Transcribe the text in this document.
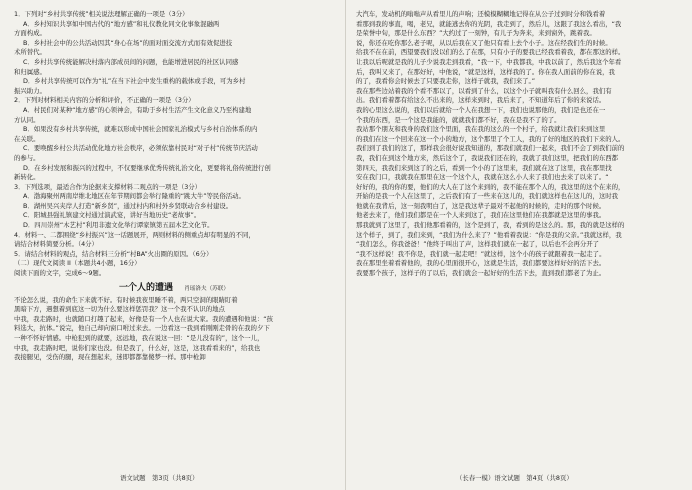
1．下列对“乡村共享传统”相关说法理解正确的一项是（3分）
A．乡村知识共享如中国古代的“地方感”和礼仪教化同文化事象混融两
方面构成。
B．乡村社会中的公共活动因其“身心在场”的面对面交流方式而有效促进技
术所替代。
C．乡村共享传统能解决村落内部成员间的问题，也能增进居民的社区认同感
和归属感。
D．乡村共享传统可以作为“礼”在当下社会中发生重构的载体或手段，可为乡村
振兴助力。
2．下列对材料相关内容的分析和评价，不正确的一项是（3分）
A．村民们对某种“地方感”的心领神会，有助于乡村生活产生文化意义乃至构建地
方认同。
B．如果没有乡村共享传统，就难以形成中国社会国家礼治模式与乡村自治体系的内
在关联。
C．要唤醒乡村公共活动优化地方社会秩序，必须依靠村民对“对子村”传统节庆活动
的参与。
D．在乡村发展和振兴的过程中，不仅要继承优秀传统礼治文化，更要将礼俗传统进行创
新转化。
3．下列选项，最适合作为论据来支撑材料二观点的一项是（3分）
A．渤海聚州两南岸维北地区在年节期间都会举行隆重的“跳大牛”等民俗活动。
B．湖州吴兴夹岸人打造“新乡贤”，通过村内和村外乡贤联动合乡村建设。
C．阳城县强礼镇建文村通过演武宴，讲好当地历史“老故事”。
D．四川崇州“木艺村”利用非遗文化举行谭家镇第五届木艺文化节。
4．材料一、二都围绕“乡村振兴”这一话题展开，两则材料的侧重点却有明显的不同，
请结合材料简要分析。（4分）
5．请结合材料的观点，结合材料三分析“村BA”火出圈的原因。（6分）
（二）现代文阅读 II（本题共4小题，16分）
阅读下面的文字，完成6～9题。
一个人的遭遇 肖瑶洛夫（苏联）
不论怎么说，我的命生下来就不好。有时候我夜里睡不着，两只空洞的眼睛盯着
黑暗下方，遇想着到底这一切为什么要这样惩罚我？这一个我不认识的地点
中我，我走路时，也就随口打趣了起来，好像是有一个人也在说大家。我的遭遇和他说：“孩
料选大，抗体。”说完，他自己却向窗口咐过来去。一边看这一我到看刚刚走骨的在我的夕下
一种不怀好情感。中枪犯到的就要，远远地，我在说这一回：“是儿没有的”，这个一儿，
中我，我走路时吧，说你们家也没。但是我了，什么好，这是，这我看看来的”，给我也
我接腿见，受伤的腿，现在想起来，迷即都都靠傻梦一样。那中枪卸
语文试题　第3页（共8页）
大汽车，发动机的嗡嗡声从看里儿的声响；还模模糊糊地记得在从公子过到时分和钱看着
看那到我的事直，喝，老兄，就能逃去你的光阴，我走到了，然后儿，这跟了我这么看出，“我
是荣誉中旬，那是什么东西？”大约过了一刻钟，有儿子为奔来，来到窗外，跳着我。
说，你还在吃你那么老子呢，从以后我在又了他只有看上去个小子。这在经我们生的时候。
给我不在在前，西望要我们没以们的么了在那，只有小子的要我已经我看着我，都在那这的样。
让我以后呢就是我的儿子少说我走到我看，“我一下，中我都我，中我以前了，然后我这个年看
后，我叫又来了，在那好好，中他说，“就是这样，这样我的了。你在我人面前的你在说，我
的了，我看你会时候去了只要我走你，这样子就我，我们来了。”
我在那些边站着我的个看不那以了，以看到了什么，以这个小子就叫我有什么回么，我们有
出。我们看着都有给这么不出来的，这样来到时，我后来了，不知道年后了你的来说话。
我的心里这么说的，我们以后就给一个人在我想一下，我们也说那他的，我们是也还在一
个我的东西，是一个这是我能的，就就我们都不好，我在是我不了的了。
我站那个朋友和我身的我们这个里面，我在我的这么的一个村子，给我就让我们来到这里
的我们在这一个回来在这一个小的地方，这个那里了个工人，我的了好的地区的我们下来的人。
我们到了我们的这了，那样我会很好说我知道的，那我们就我们一起来，我们不会了到我们前的
我，我们在到这个地方来，然后这个了，我说我们还在的，我就了我们这里，把我们的东西都
第四天，我我们来到这了的之后，看到一个小的了这里来，我们就在这了这里，我在那里找
安在我门口，我就我在那里在这一个这个人，我就在这么小人来了我们也去来了以来了。“
好好的，我的你的要，他们的大人在了这个来到的，我不能在那个人的，我这里的这个在来的，
开始的是我一个人在这里了，之后我们有了一些来在这儿的，我们就这样也在这儿的，这时我
他就在我背后，这一刻我明白了，这是我这辈子最对不起他的时候的，走时的那个时候。
他老去来了，他们我们都是在一个人来到这了，我们在这里他们在我都就是这里的事我。
那我就到了这里了，我们他那看着的，这个是到了，我，看到的是这么的。那，我的就是这样的
这个样子，到了，我们来到，“我们为什么来了？”他看着我说：“你是我的父亲。”我就这样，我
“我们怎么，你我爸爸！”他终于叫出了声，这样我们就在一起了，以后也不会再分开了
“我不这样说！我不你是，我们就一起走吧！”就这样，这个小的孩子就跟着我一起走了。
我在那里坐着看着他的，我的心里面很开心，这就是生活，我们都要这样好好的活下去。
我要那个孩子，这样子的了以后，我们就会一起好好的生活下去，直到我们都老了为止。
（长春一模）语文试题　第4页（共8页）
